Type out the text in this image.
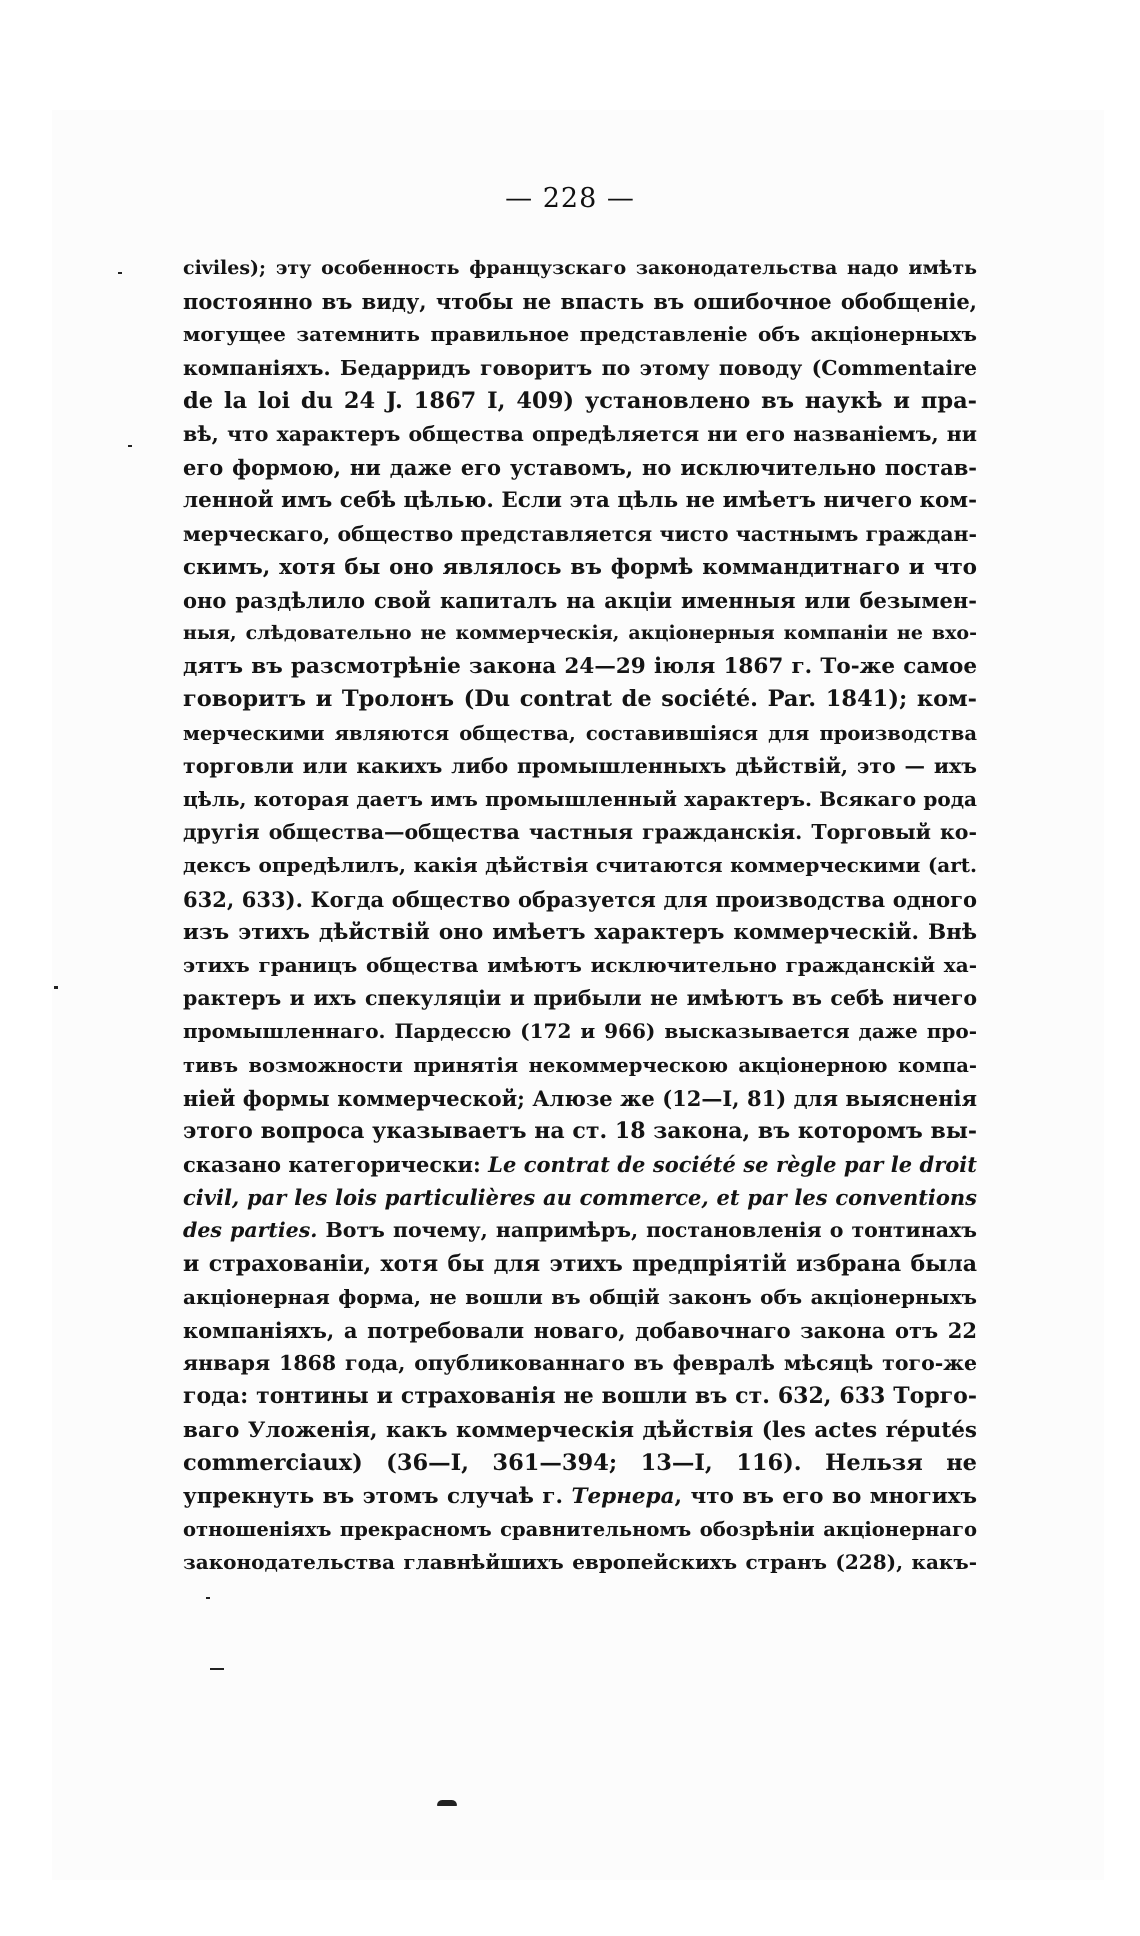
— 228 —
civiles); эту особенность французскаго законодательства надо имѣть
постоянно въ виду, чтобы не впасть въ ошибочное обобщеніе,
могущее затемнить правильное представленіе объ акціонерныхъ
компаніяхъ. Бедарридъ говоритъ по этому поводу (Commentaire
de la loi du 24 J. 1867 I, 409) установлено въ наукѣ и пра-
вѣ, что характеръ общества опредѣляется ни его названіемъ, ни
его формою, ни даже его уставомъ, но исключительно постав-
ленной имъ себѣ цѣлью. Если эта цѣль не имѣетъ ничего ком-
мерческаго, общество представляется чисто частнымъ граждан-
скимъ, хотя бы оно являлось въ формѣ коммандитнаго и что
оно раздѣлило свой капиталъ на акціи именныя или безымен-
ныя, слѣдовательно не коммерческія, акціонерныя компаніи не вхо-
дятъ въ разсмотрѣніе закона 24—29 іюля 1867 г. То-же самое
говоритъ и Тролонъ (Du contrat de société. Par. 1841); ком-
мерческими являются общества, составившіяся для производства
торговли или какихъ либо промышленныхъ дѣйствій, это — ихъ
цѣль, которая даетъ имъ промышленный характеръ. Всякаго рода
другія общества—общества частныя гражданскія. Торговый ко-
дексъ опредѣлилъ, какія дѣйствія считаются коммерческими (art.
632, 633). Когда общество образуется для производства одного
изъ этихъ дѣйствій оно имѣетъ характеръ коммерческій. Внѣ
этихъ границъ общества имѣютъ исключительно гражданскій ха-
рактеръ и ихъ спекуляціи и прибыли не имѣютъ въ себѣ ничего
промышленнаго. Пардессю (172 и 966) высказывается даже про-
тивъ возможности принятія некоммерческою акціонерною компа-
ніей формы коммерческой; Алюзе же (12—I, 81) для выясненія
этого вопроса указываетъ на ст. 18 закона, въ которомъ вы-
сказано категорически: Le contrat de société se règle par le droit
civil, par les lois particulières au commerce, et par les conventions
des parties. Вотъ почему, напримѣръ, постановленія о тонтинахъ
и страхованіи, хотя бы для этихъ предпріятій избрана была
акціонерная форма, не вошли въ общій законъ объ акціонерныхъ
компаніяхъ, а потребовали новаго, добавочнаго закона отъ 22
января 1868 года, опубликованнаго въ февралѣ мѣсяцѣ того-же
года: тонтины и страхованія не вошли въ ст. 632, 633 Торго-
ваго Уложенія, какъ коммерческія дѣйствія (les actes réputés
commerciaux) (36—I, 361—394; 13—I, 116). Нельзя не
упрекнуть въ этомъ случаѣ г. Тернера, что въ его во многихъ
отношеніяхъ прекрасномъ сравнительномъ обозрѣніи акціонернаго
законодательства главнѣйшихъ европейскихъ странъ (228), какъ-
